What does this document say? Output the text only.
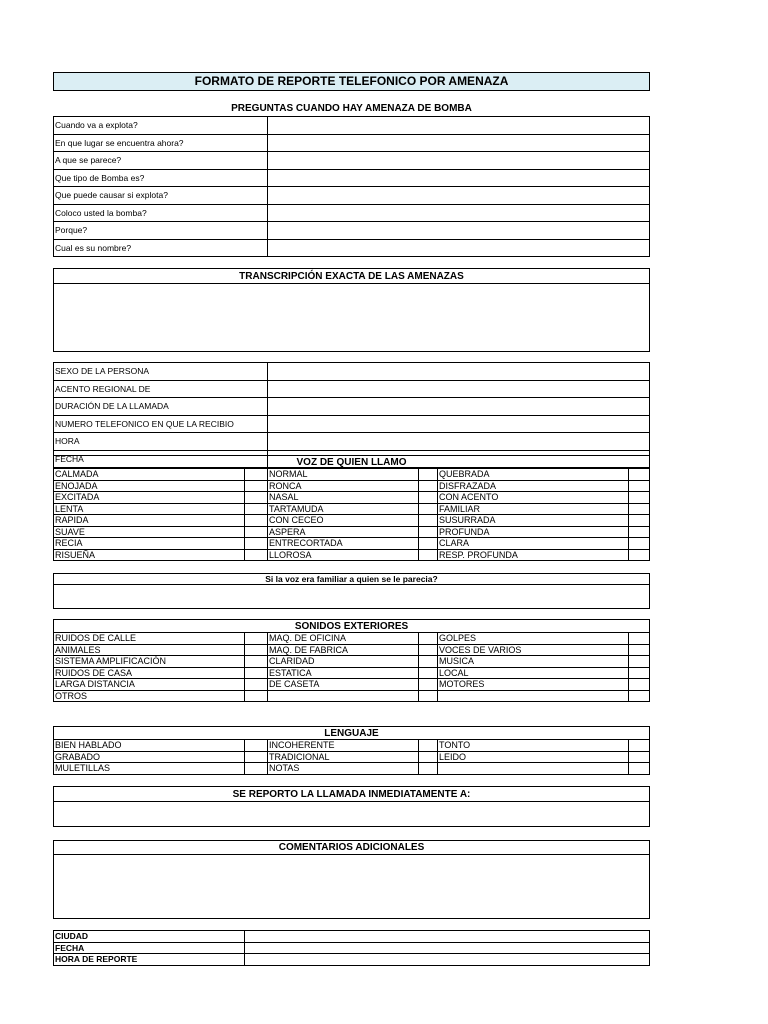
FORMATO DE REPORTE TELEFONICO POR AMENAZA
PREGUNTAS CUANDO HAY AMENAZA DE BOMBA
Cuando va a explota?	
En que lugar se encuentra ahora?	
A que se parece?	
Que tipo de Bomba es?	
Que puede causar si explota?	
Coloco usted la bomba?	
Porque?	
Cual es su nombre?	
TRANSCRIPCIÓN EXACTA DE LAS AMENAZAS
SEXO DE LA PERSONA	
ACENTO REGIONAL DE	
DURACIÓN DE LA LLAMADA	
NUMERO TELEFONICO EN QUE LA RECIBIO	
HORA	
FECHA		VOZ DE QUIEN LLAMO
CALMADA		NORMAL		QUEBRADA	
ENOJADA		RONCA		DISFRAZADA	
EXCITADA		NASAL		CON ACENTO	
LENTA		TARTAMUDA		FAMILIAR	
RAPIDA		CON CECEO		SUSURRADA	
SUAVE		ASPERA		PROFUNDA	
RECIA		ENTRECORTADA		CLARA	
RISUEÑA		LLOROSA		RESP. PROFUNDA	
Si la voz era familiar a quien se le parecia?
SONIDOS EXTERIORES
RUIDOS DE CALLE		MAQ. DE OFICINA		GOLPES	
ANIMALES		MAQ. DE FABRICA		VOCES DE VARIOS	
SISTEMA AMPLIFICACIÓN		CLARIDAD		MUSICA	
RUIDOS DE CASA		ESTATICA		LOCAL	
LARGA DISTANCIA		DE CASETA		MOTORES	
OTROS					
LENGUAJE
BIEN HABLADO		INCOHERENTE		TONTO	
GRABADO		TRADICIONAL		LEIDO	
MULETILLAS		NOTAS			
SE REPORTO LA LLAMADA INMEDIATAMENTE A:
COMENTARIOS ADICIONALES
CIUDAD	
FECHA	
HORA DE REPORTE	
